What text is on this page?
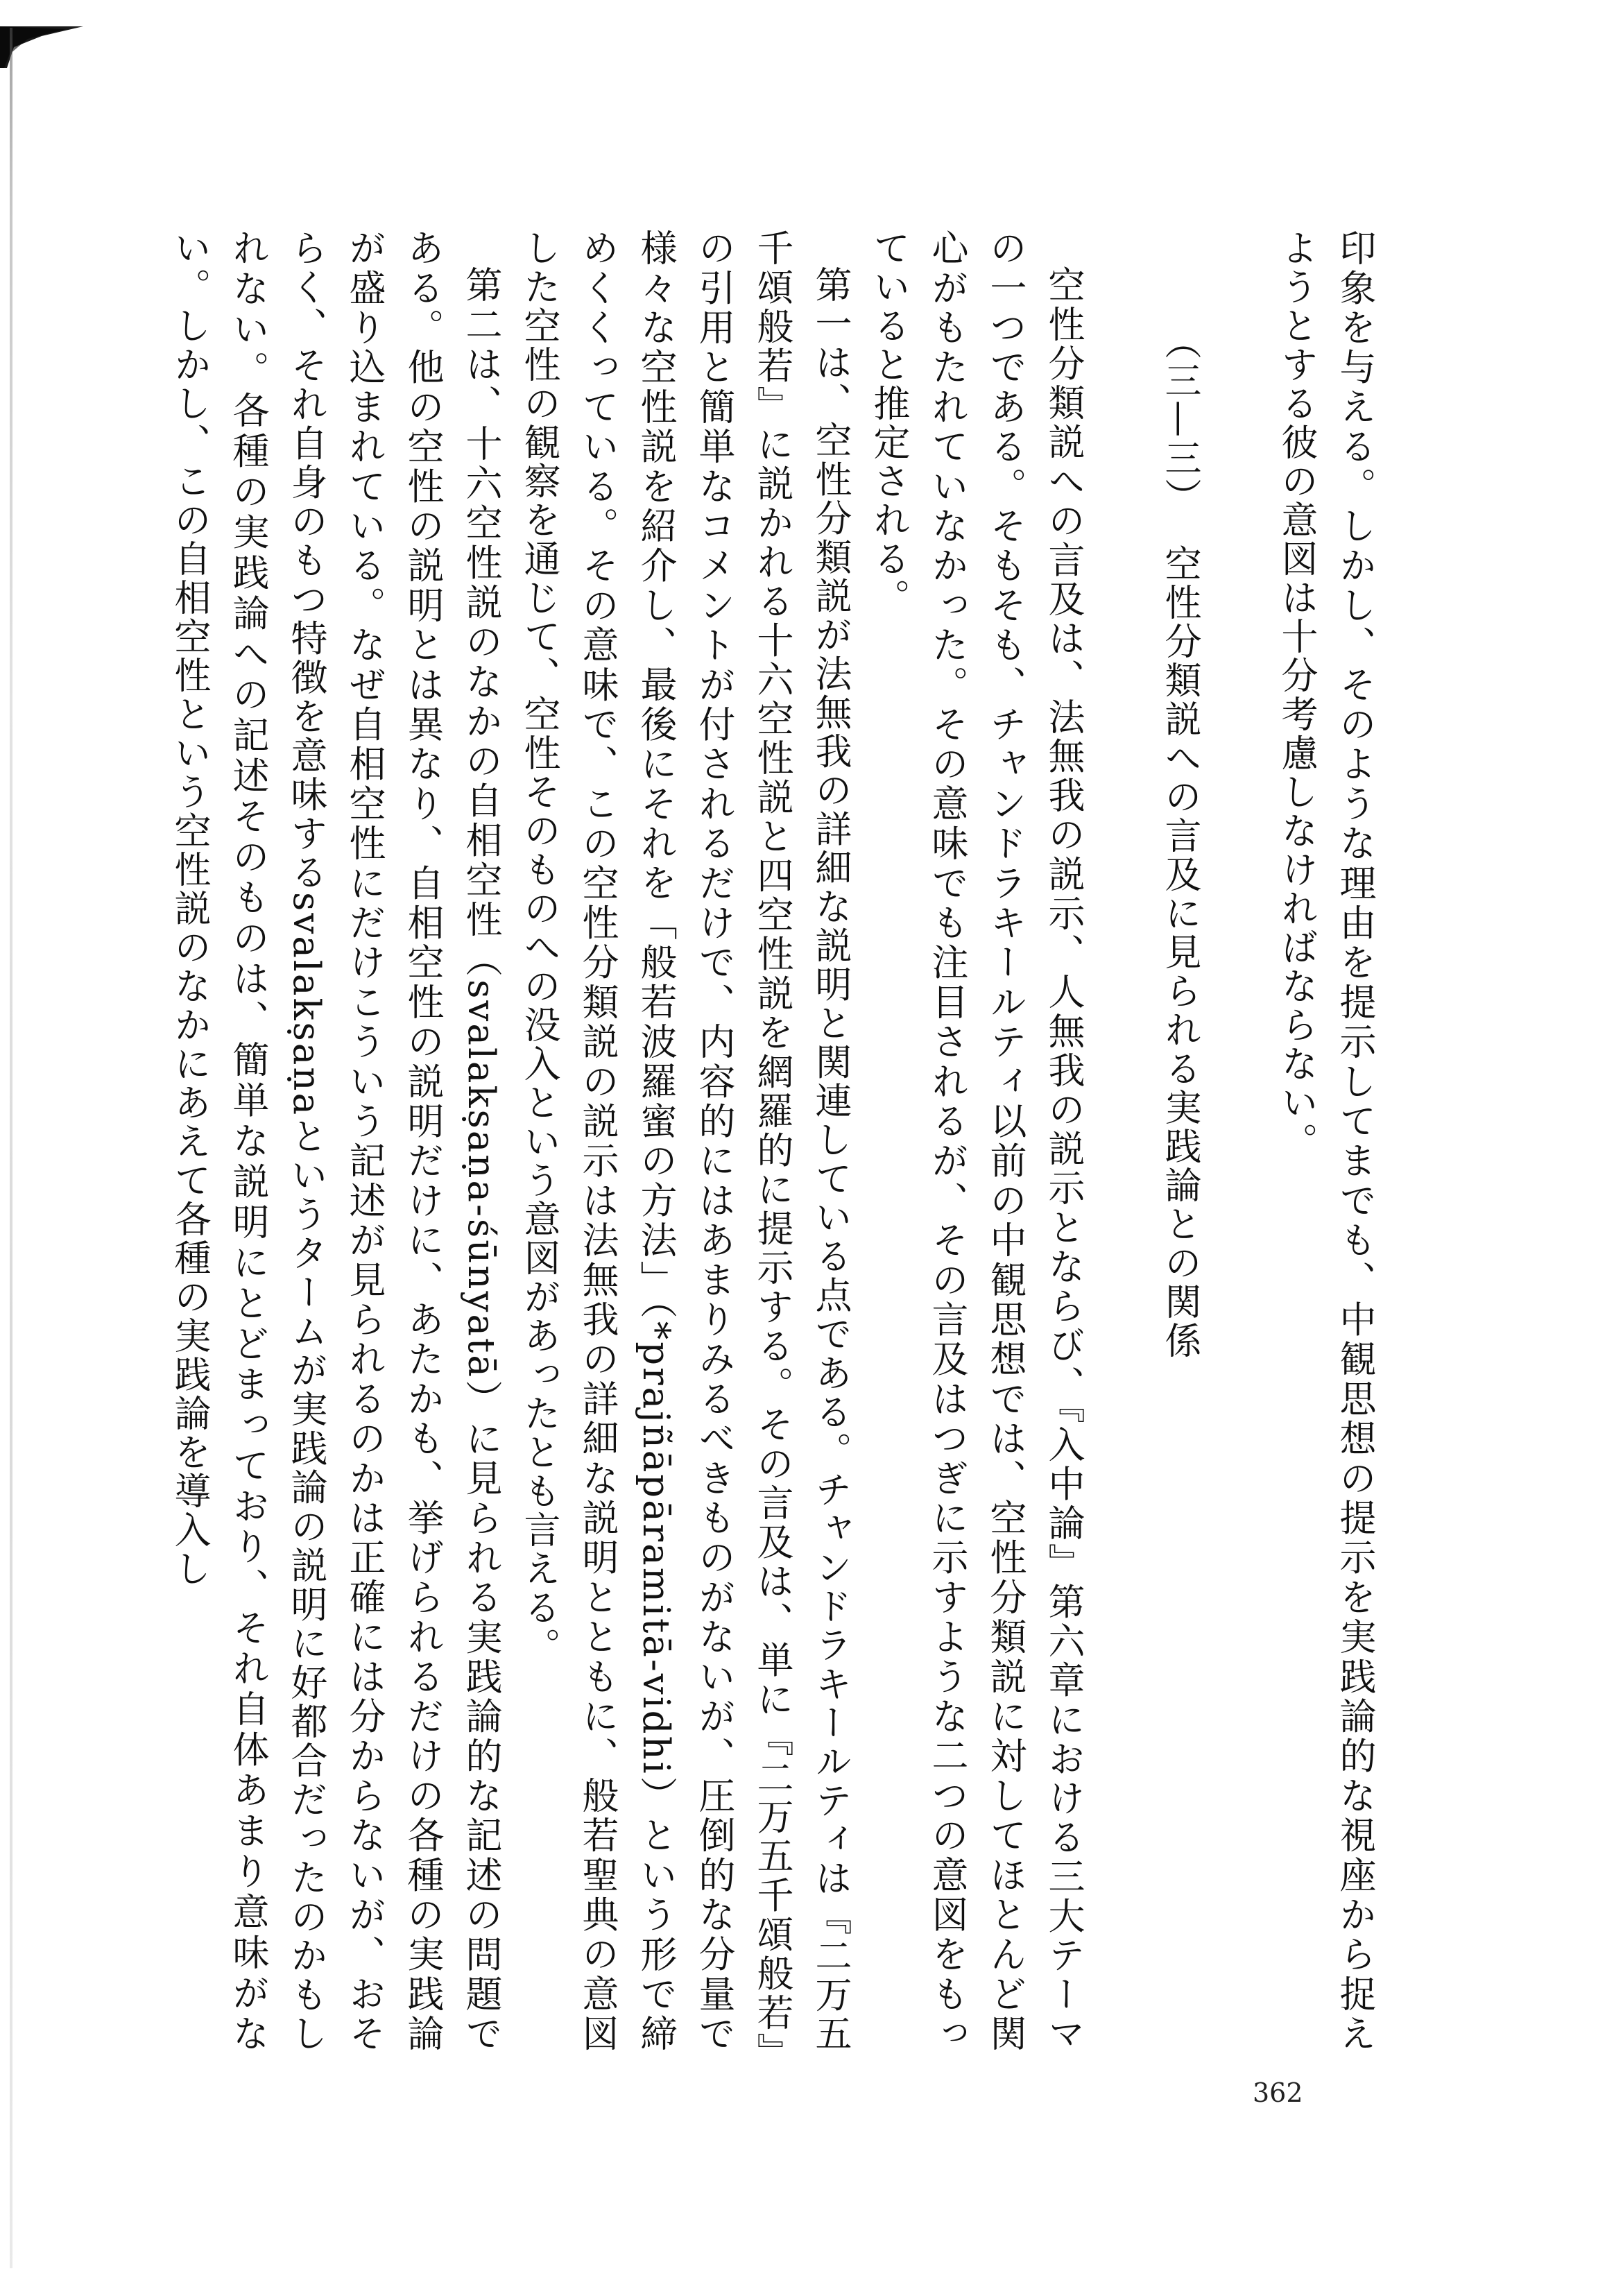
印象を与える。しかし、そのような理由を提示してまでも、中観思想の提示を実践論的な視座から捉えようとする彼の意図は十分考慮しなければならない。

（三—三）空性分類説への言及に見られる実践論との関係

空性分類説への言及は、法無我の説示、人無我の説示とならび、『入中論』第六章における三大テーマの一つである。そもそも、チャンドラキールティ以前の中観思想では、空性分類説に対してほとんど関心がもたれていなかった。その意味でも注目されるが、その言及はつぎに示すような二つの意図をもっていると推定される。

第一は、空性分類説が法無我の詳細な説明と関連している点である。チャンドラキールティは『二万五千頌般若』に説かれる十六空性説と四空性説を網羅的に提示する。その言及は、単に『二万五千頌般若』の引用と簡単なコメントが付されるだけで、内容的にはあまりみるべきものがないが、圧倒的な分量で様々な空性説を紹介し、最後にそれを「般若波羅蜜の方法」（*prajñāpāramitā-vidhi）という形で締めくくっている。その意味で、この空性分類説の説示は法無我の詳細な説明とともに、般若聖典の意図した空性の観察を通じて、空性そのものへの没入という意図があったとも言える。

第二は、十六空性説のなかの自相空性（svalakṣaṇa-śūnyatā）に見られる実践論的な記述の問題である。他の空性の説明とは異なり、自相空性の説明だけに、あたかも、挙げられるだけの各種の実践論が盛り込まれている。なぜ自相空性にだけこういう記述が見られるのかは正確には分からないが、おそらく、それ自身のもつ特徴を意味するsvalakṣaṇaというタームが実践論の説明に好都合だったのかもしれない。各種の実践論への記述そのものは、簡単な説明にとどまっており、それ自体あまり意味がない。しかし、この自相空性という空性説のなかにあえて各種の実践論を導入し

362
